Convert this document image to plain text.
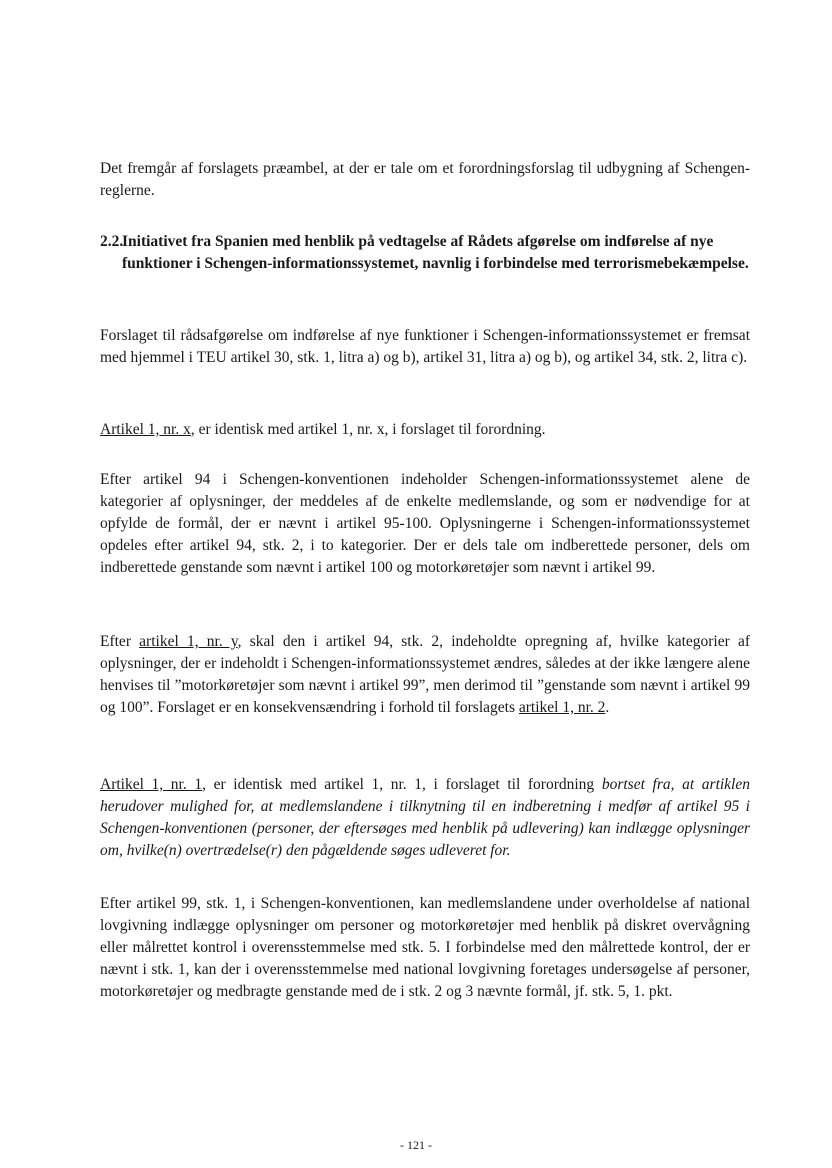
Det fremgår af forslagets præambel, at der er tale om et forordningsforslag til udbygning af Schengen-reglerne.

2.2.Initiativet fra Spanien med henblik på vedtagelse af Rådets afgørelse om indførelse af nye funktioner i Schengen-informationssystemet, navnlig i forbindelse med terrorismebekæmpelse.

Forslaget til rådsafgørelse om indførelse af nye funktioner i Schengen-informationssystemet er fremsat med hjemmel i TEU artikel 30, stk. 1, litra a) og b), artikel 31, litra a) og b), og artikel 34, stk. 2, litra c).

Artikel 1, nr. x, er identisk med artikel 1, nr. x, i forslaget til forordning.

Efter artikel 94 i Schengen-konventionen indeholder Schengen-informationssystemet alene de kategorier af oplysninger, der meddeles af de enkelte medlemslande, og som er nødvendige for at opfylde de formål, der er nævnt i artikel 95-100. Oplysningerne i Schengen-informationssystemet opdeles efter artikel 94, stk. 2, i to kategorier. Der er dels tale om indberettede personer, dels om indberettede genstande som nævnt i artikel 100 og motorkøretøjer som nævnt i artikel 99.

Efter artikel 1, nr. y, skal den i artikel 94, stk. 2, indeholdte opregning af, hvilke kategorier af oplysninger, der er indeholdt i Schengen-informationssystemet ændres, således at der ikke længere alene henvises til ”motorkøretøjer som nævnt i artikel 99”, men derimod til ”genstande som nævnt i artikel 99 og 100”. Forslaget er en konsekvensændring i forhold til forslagets artikel 1, nr. 2.

Artikel 1, nr. 1, er identisk med artikel 1, nr. 1, i forslaget til forordning bortset fra, at artiklen herudover mulighed for, at medlemslandene i tilknytning til en indberetning i medfør af artikel 95 i Schengen-konventionen (personer, der eftersøges med henblik på udlevering) kan indlægge oplysninger om, hvilke(n) overtrædelse(r) den pågældende søges udleveret for.

Efter artikel 99, stk. 1, i Schengen-konventionen, kan medlemslandene under overholdelse af national lovgivning indlægge oplysninger om personer og motorkøretøjer med henblik på diskret overvågning eller målrettet kontrol i overensstemmelse med stk. 5. I forbindelse med den målrettede kontrol, der er nævnt i stk. 1, kan der i overensstemmelse med national lovgivning foretages undersøgelse af personer, motorkøretøjer og medbragte genstande med de i stk. 2 og 3 nævnte formål, jf. stk. 5, 1. pkt.

- 121 -
